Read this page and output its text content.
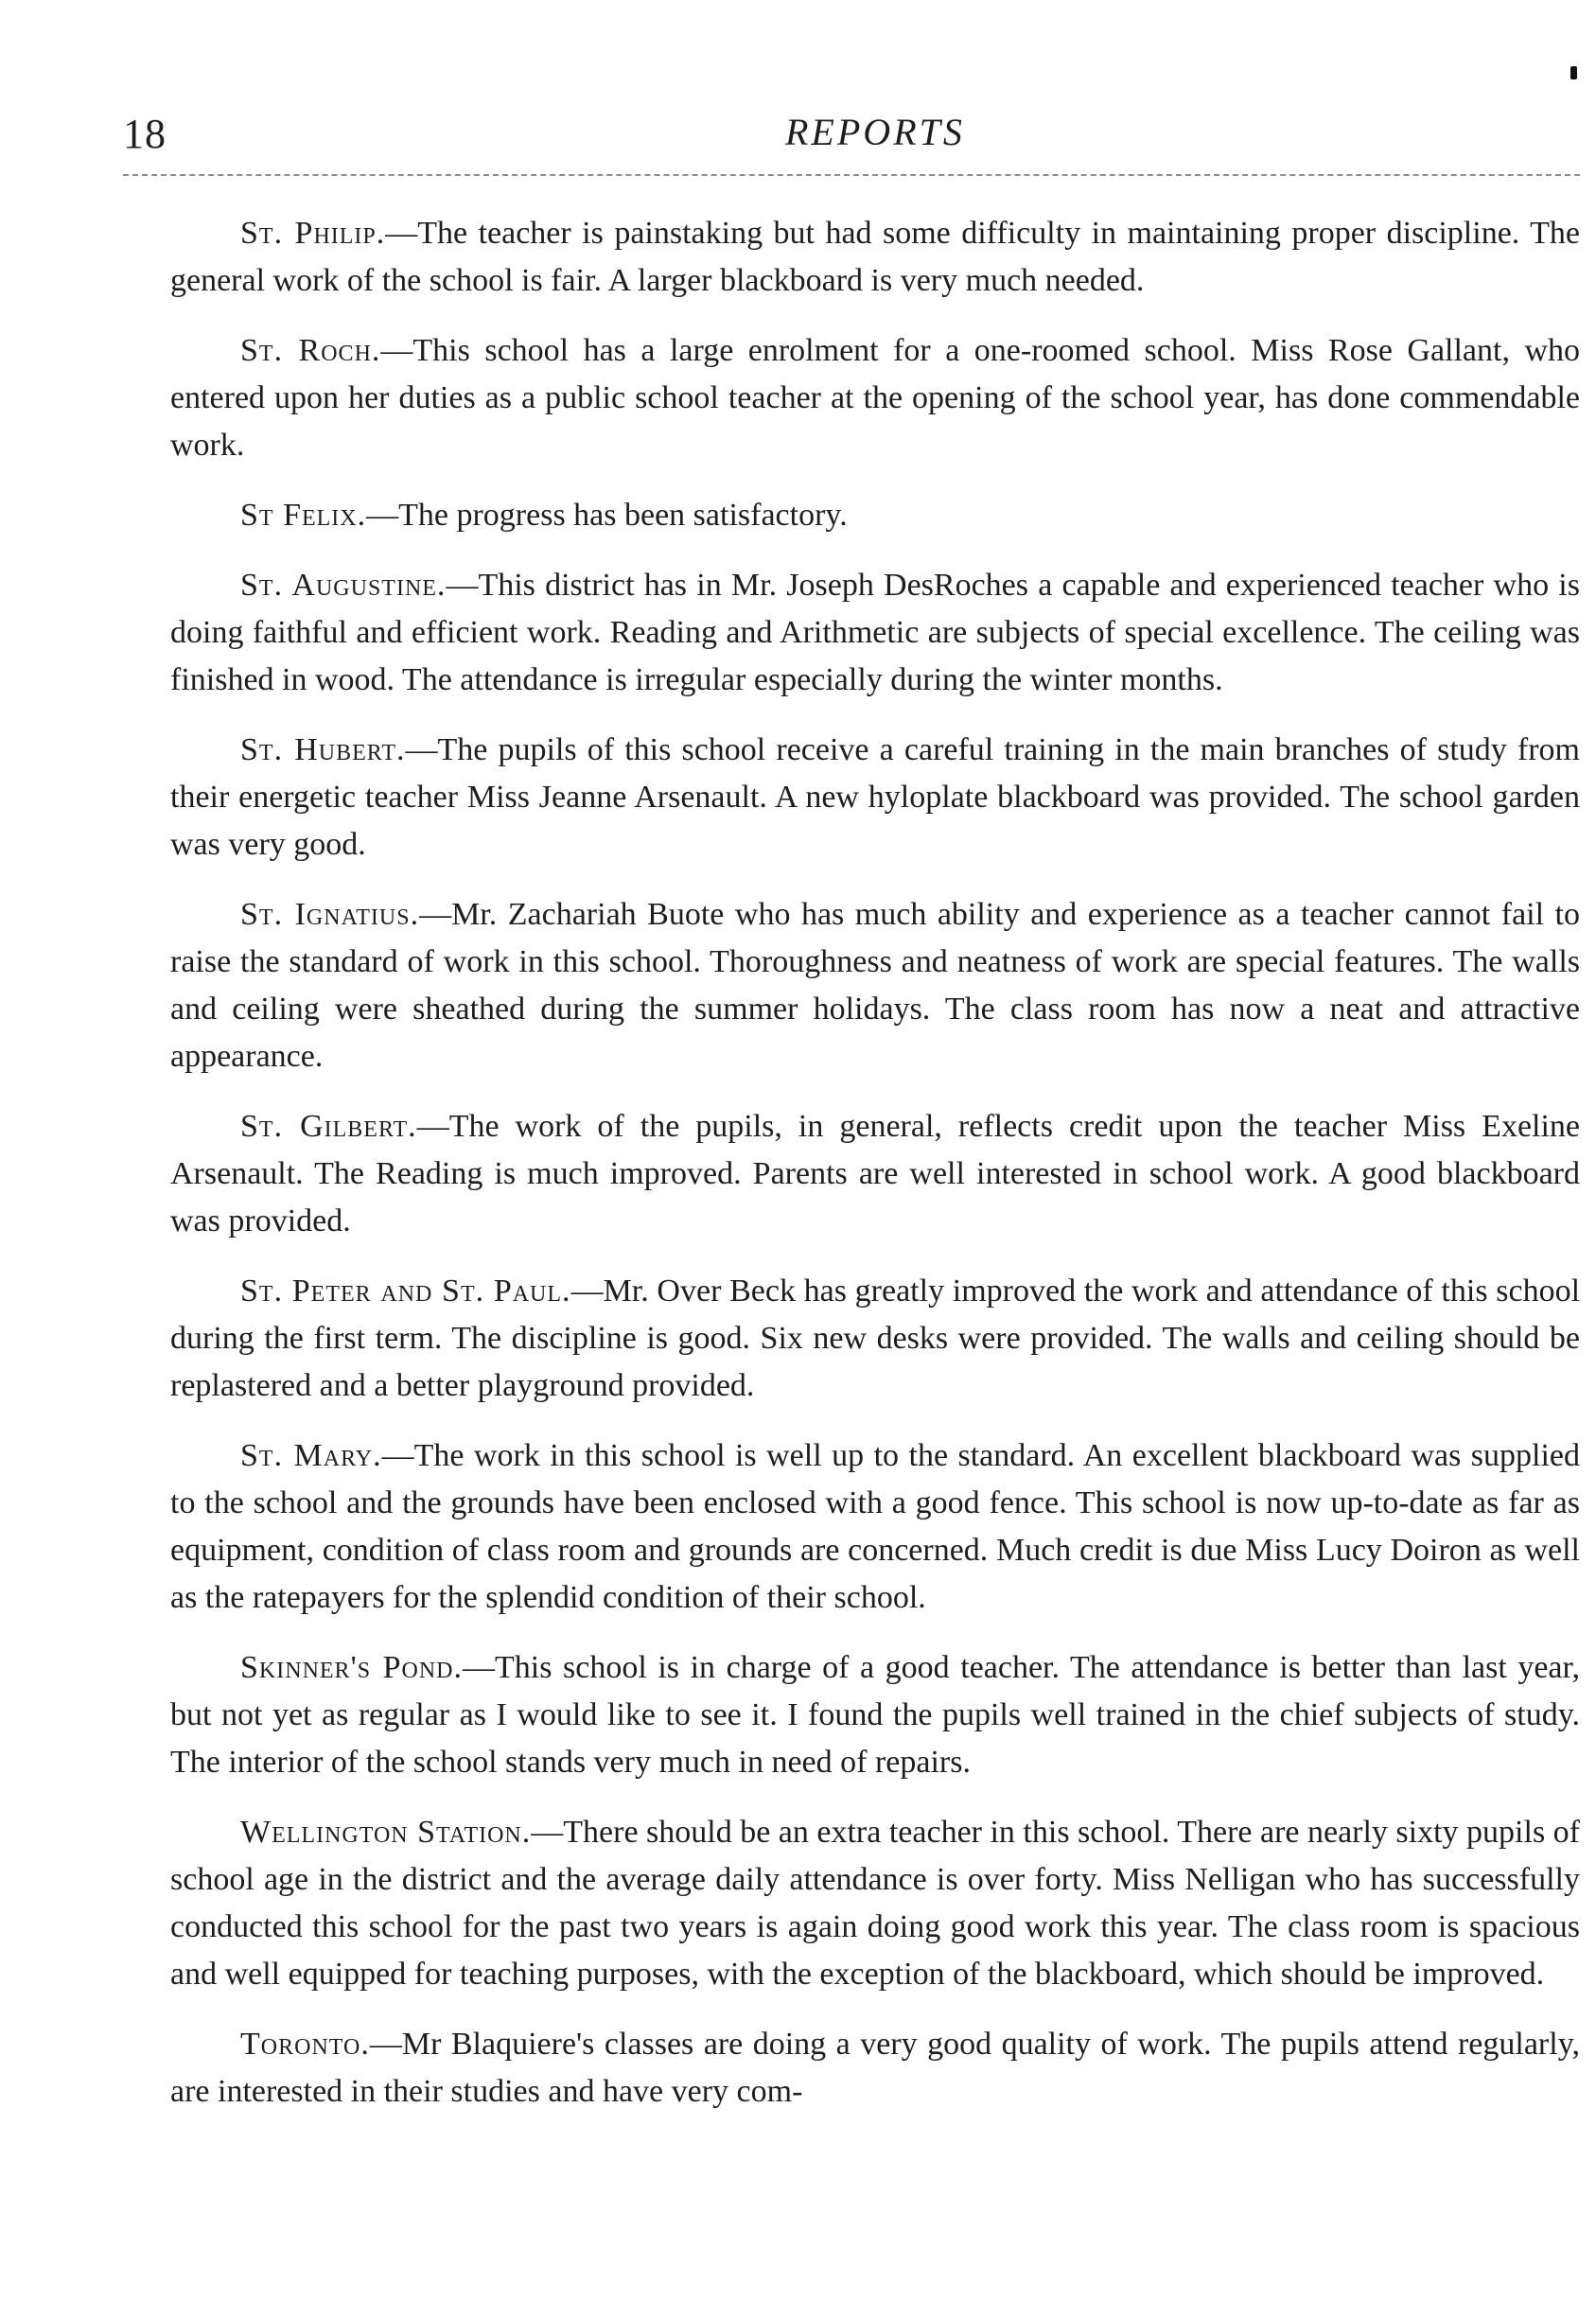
18	REPORTS

St. Philip.—The teacher is painstaking but had some difficulty in maintaining proper discipline. The general work of the school is fair. A larger blackboard is very much needed.

St. Roch.—This school has a large enrolment for a one-roomed school. Miss Rose Gallant, who entered upon her duties as a public school teacher at the opening of the school year, has done commendable work.

St Felix.—The progress has been satisfactory.

St. Augustine.—This district has in Mr. Joseph DesRoches a capable and experienced teacher who is doing faithful and efficient work. Reading and Arithmetic are subjects of special excellence. The ceiling was finished in wood. The attendance is irregular especially during the winter months.

St. Hubert.—The pupils of this school receive a careful training in the main branches of study from their energetic teacher Miss Jeanne Arsenault. A new hyloplate blackboard was provided. The school garden was very good.

St. Ignatius.—Mr. Zachariah Buote who has much ability and experience as a teacher cannot fail to raise the standard of work in this school. Thoroughness and neatness of work are special features. The walls and ceiling were sheathed during the summer holidays. The class room has now a neat and attractive appearance.

St. Gilbert.—The work of the pupils, in general, reflects credit upon the teacher Miss Exeline Arsenault. The Reading is much improved. Parents are well interested in school work. A good blackboard was provided.

St. Peter and St. Paul.—Mr. Over Beck has greatly improved the work and attendance of this school during the first term. The discipline is good. Six new desks were provided. The walls and ceiling should be replastered and a better playground provided.

St. Mary.—The work in this school is well up to the standard. An excellent blackboard was supplied to the school and the grounds have been enclosed with a good fence. This school is now up-to-date as far as equipment, condition of class room and grounds are concerned. Much credit is due Miss Lucy Doiron as well as the ratepayers for the splendid condition of their school.

Skinner's Pond.—This school is in charge of a good teacher. The attendance is better than last year, but not yet as regular as I would like to see it. I found the pupils well trained in the chief subjects of study. The interior of the school stands very much in need of repairs.

Wellington Station.—There should be an extra teacher in this school. There are nearly sixty pupils of school age in the district and the average daily attendance is over forty. Miss Nelligan who has successfully conducted this school for the past two years is again doing good work this year. The class room is spacious and well equipped for teaching purposes, with the exception of the blackboard, which should be improved.

Toronto.—Mr Blaquiere's classes are doing a very good quality of work. The pupils attend regularly, are interested in their studies and have very com-
